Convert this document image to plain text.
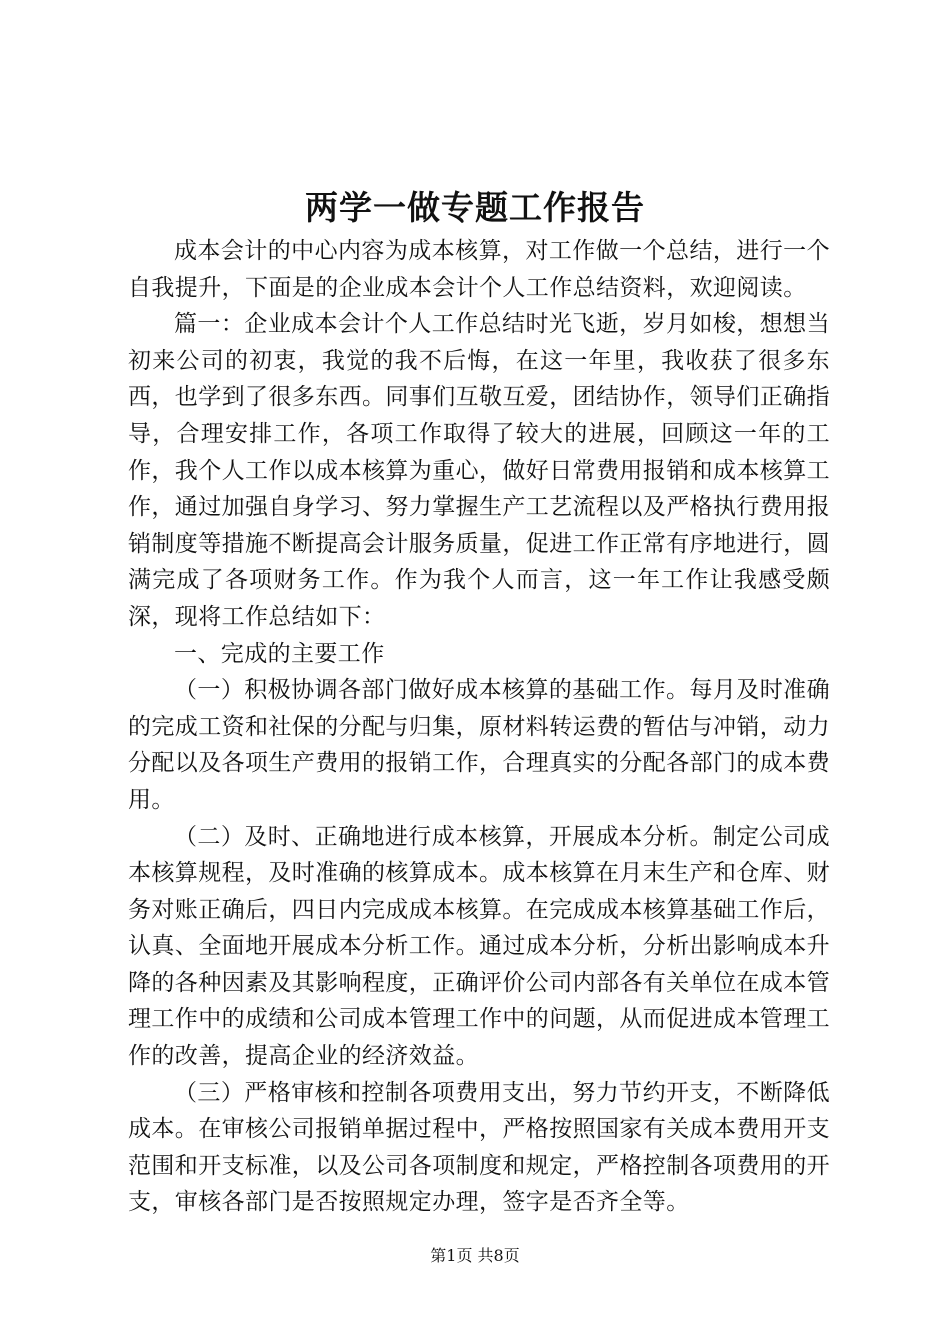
两学一做专题工作报告

成本会计的中心内容为成本核算，对工作做一个总结，进行一个自我提升，下面是的企业成本会计个人工作总结资料，欢迎阅读。

篇一：企业成本会计个人工作总结时光飞逝，岁月如梭，想想当初来公司的初衷，我觉的我不后悔，在这一年里，我收获了很多东西，也学到了很多东西。同事们互敬互爱，团结协作，领导们正确指导，合理安排工作，各项工作取得了较大的进展，回顾这一年的工作，我个人工作以成本核算为重心，做好日常费用报销和成本核算工作，通过加强自身学习、努力掌握生产工艺流程以及严格执行费用报销制度等措施不断提高会计服务质量，促进工作正常有序地进行，圆满完成了各项财务工作。作为我个人而言，这一年工作让我感受颇深，现将工作总结如下：

一、完成的主要工作

（一）积极协调各部门做好成本核算的基础工作。每月及时准确的完成工资和社保的分配与归集，原材料转运费的暂估与冲销，动力分配以及各项生产费用的报销工作，合理真实的分配各部门的成本费用。

（二）及时、正确地进行成本核算，开展成本分析。制定公司成本核算规程，及时准确的核算成本。成本核算在月末生产和仓库、财务对账正确后，四日内完成成本核算。在完成成本核算基础工作后，认真、全面地开展成本分析工作。通过成本分析，分析出影响成本升降的各种因素及其影响程度，正确评价公司内部各有关单位在成本管理工作中的成绩和公司成本管理工作中的问题，从而促进成本管理工作的改善，提高企业的经济效益。

（三）严格审核和控制各项费用支出，努力节约开支，不断降低成本。在审核公司报销单据过程中，严格按照国家有关成本费用开支范围和开支标准，以及公司各项制度和规定，严格控制各项费用的开支，审核各部门是否按照规定办理，签字是否齐全等。

第1页 共8页
